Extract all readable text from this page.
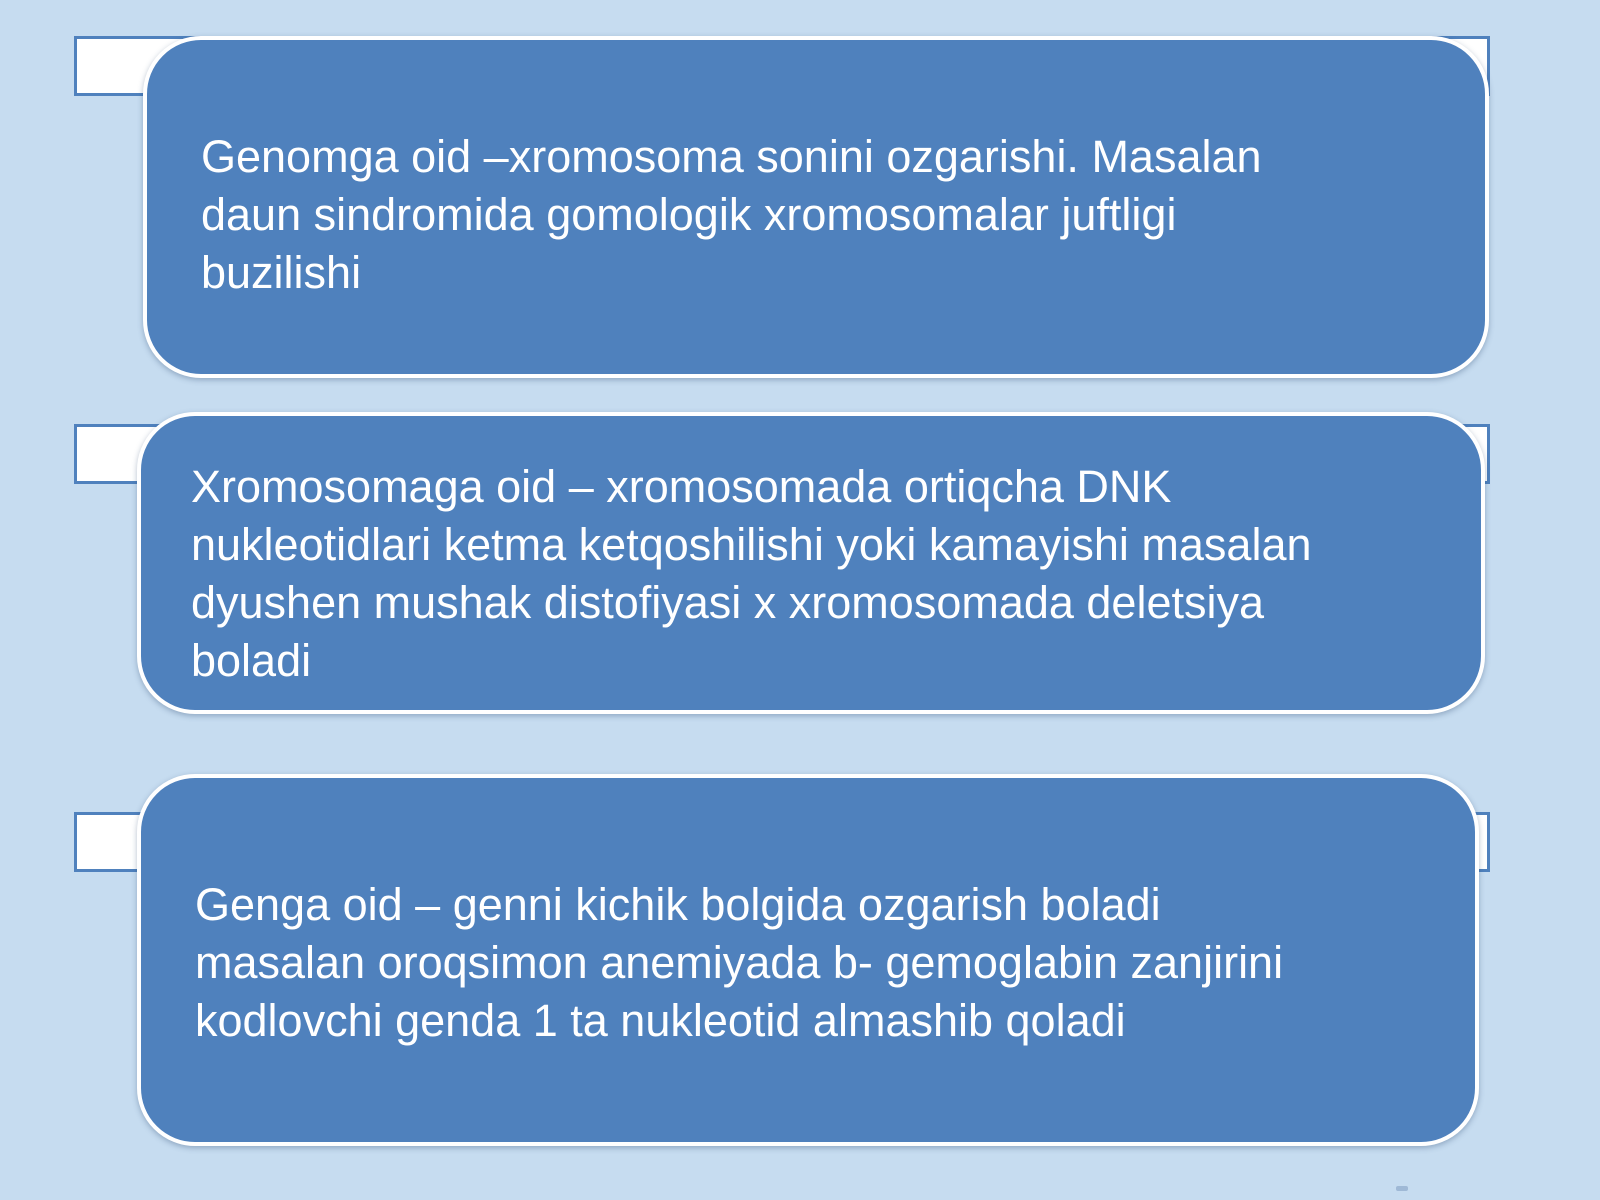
Genomga oid –xromosoma sonini ozgarishi. Masalan
daun sindromida gomologik xromosomalar juftligi
buzilishi
Xromosomaga oid – xromosomada ortiqcha DNK
nukleotidlari ketma ketqoshilishi yoki kamayishi masalan
dyushen mushak distofiyasi x xromosomada deletsiya
boladi
Genga oid – genni kichik bolgida ozgarish boladi
masalan oroqsimon anemiyada b- gemoglabin zanjirini
kodlovchi genda 1 ta nukleotid almashib qoladi
